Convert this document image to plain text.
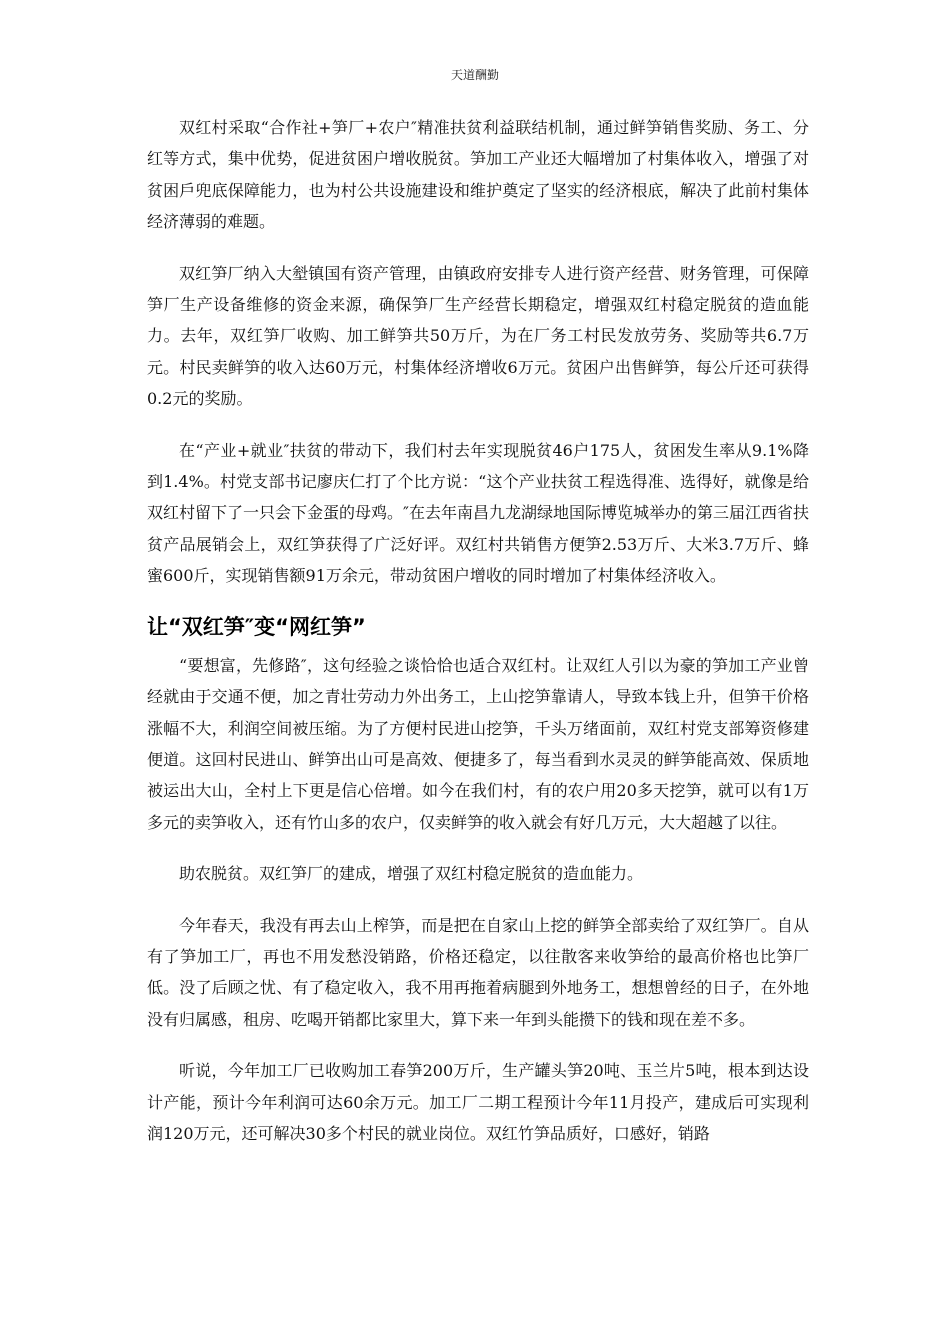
天道酬勤

双红村采取“合作社+笋厂+农户″精准扶贫利益联结机制，通过鲜笋销售奖励、务工、分红等方式，集中优势，促进贫困户增收脱贫。笋加工产业还大幅增加了村集体收入，增强了对贫困戶兜底保障能力，也为村公共设施建设和维护奠定了坚实的经济根底，解决了此前村集体经济薄弱的难题。

双红笋厂纳入大㙦镇国有资产管理，由镇政府安排专人进行资产经营、财务管理，可保障笋厂生产设备维修的资金来源，确保笋厂生产经营长期稳定，增强双红村稳定脱贫的造血能力。去年，双红笋厂收购、加工鲜笋共50万斤，为在厂务工村民发放劳务、奖励等共6.7万元。村民卖鲜笋的收入达60万元，村集体经济增收6万元。贫困户出售鲜笋，每公斤还可获得0.2元的奖励。

在“产业+就业″扶贫的带动下，我们村去年实现脱贫46户175人，贫困发生率从9.1%降到1.4%。村党支部书记廖庆仁打了个比方说：“这个产业扶贫工程选得准、选得好，就像是给双红村留下了一只会下金蛋的母鸡。″在去年南昌九龙湖绿地国际博览城举办的第三届江西省扶贫产品展销会上，双红笋获得了广泛好评。双红村共销售方便笋2.53万斤、大米3.7万斤、蜂蜜600斤，实现销售额91万余元，带动贫困户增收的同时增加了村集体经济收入。

让“双红笋″变“网红笋”

“要想富，先修路″，这句经验之谈恰恰也适合双红村。让双红人引以为豪的笋加工产业曾经就由于交通不便，加之青壮劳动力外出务工，上山挖笋靠请人，导致本钱上升，但笋干价格涨幅不大，利润空间被压缩。为了方便村民进山挖笋，千头万绪面前，双红村党支部筹资修建便道。这回村民进山、鲜笋出山可是高效、便捷多了，每当看到水灵灵的鲜笋能高效、保质地被运出大山，全村上下更是信心倍增。如今在我们村，有的农户用20多天挖笋，就可以有1万多元的卖笋收入，还有竹山多的农户，仅卖鲜笋的收入就会有好几万元，大大超越了以往。

助农脱贫。双红笋厂的建成，增强了双红村稳定脱贫的造血能力。

今年春天，我没有再去山上榨笋，而是把在自家山上挖的鲜笋全部卖给了双红笋厂。自从有了笋加工厂，再也不用发愁没销路，价格还稳定，以往散客来收笋给的最高价格也比笋厂低。没了后顾之忧、有了稳定收入，我不用再拖着病腿到外地务工，想想曾经的日子，在外地没有归属感，租房、吃喝开销都比家里大，算下来一年到头能攒下的钱和现在差不多。

听说，今年加工厂已收购加工春笋200万斤，生产罐头笋20吨、玉兰片5吨，根本到达设计产能，预计今年利润可达60余万元。加工厂二期工程预计今年11月投产，建成后可实现利润120万元，还可解决30多个村民的就业岗位。双红竹笋品质好，口感好，销路
